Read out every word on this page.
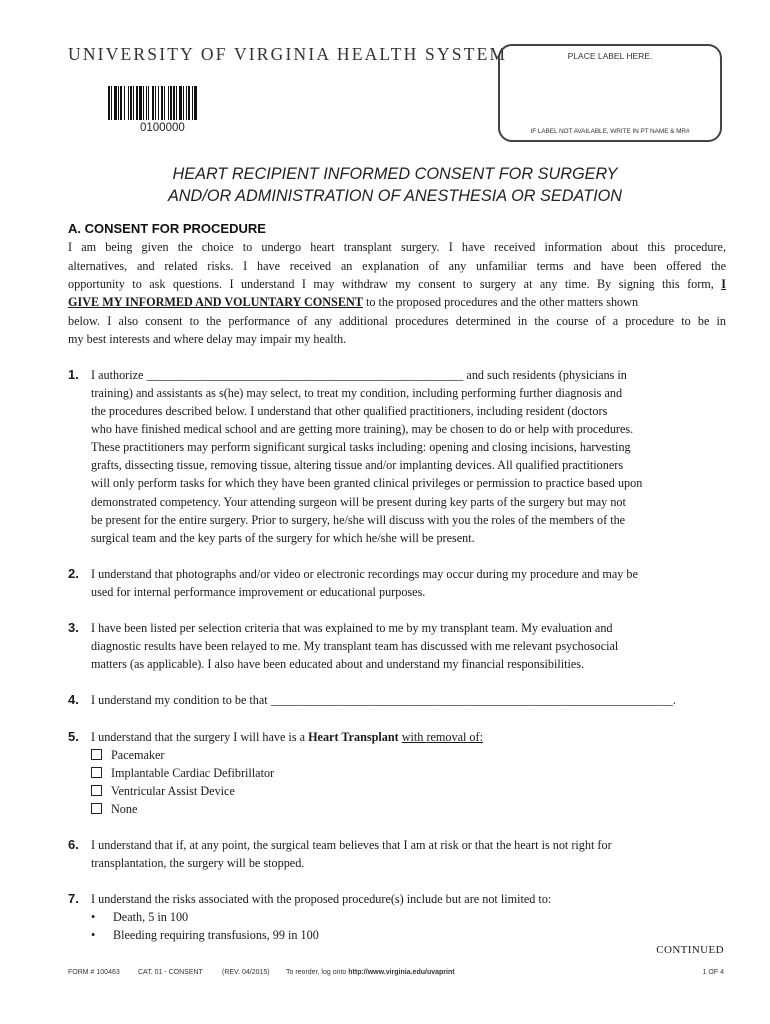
UNIVERSITY OF VIRGINIA HEALTH SYSTEM
0100000
PLACE LABEL HERE.
IF LABEL NOT AVAILABLE, WRITE IN PT NAME & MR#
HEART RECIPIENT INFORMED CONSENT FOR SURGERY
AND/OR ADMINISTRATION OF ANESTHESIA OR SEDATION
A. CONSENT FOR PROCEDURE
I am being given the choice to undergo heart transplant surgery. I have received information about this procedure,
alternatives, and related risks. I have received an explanation of any unfamiliar terms and have been offered the
opportunity to ask questions. I understand I may withdraw my consent to surgery at any time. By signing this form, I
GIVE MY INFORMED AND VOLUNTARY CONSENT to the proposed procedures and the other matters shown
below. I also consent to the performance of any additional procedures determined in the course of a procedure to be in
my best interests and where delay may impair my health.
1. I authorize ____________________________________________________ and such residents (physicians in
training) and assistants as s(he) may select, to treat my condition, including performing further diagnosis and
the procedures described below. I understand that other qualified practitioners, including resident (doctors
who have finished medical school and are getting more training), may be chosen to do or help with procedures.
These practitioners may perform significant surgical tasks including: opening and closing incisions, harvesting
grafts, dissecting tissue, removing tissue, altering tissue and/or implanting devices. All qualified practitioners
will only perform tasks for which they have been granted clinical privileges or permission to practice based upon
demonstrated competency. Your attending surgeon will be present during key parts of the surgery but may not
be present for the entire surgery. Prior to surgery, he/she will discuss with you the roles of the members of the
surgical team and the key parts of the surgery for which he/she will be present.
2. I understand that photographs and/or video or electronic recordings may occur during my procedure and may be
used for internal performance improvement or educational purposes.
3. I have been listed per selection criteria that was explained to me by my transplant team. My evaluation and
diagnostic results have been relayed to me. My transplant team has discussed with me relevant psychosocial
matters (as applicable). I also have been educated about and understand my financial responsibilities.
4. I understand my condition to be that __________________________________________________________________.
5. I understand that the surgery I will have is a Heart Transplant with removal of:
Pacemaker
Implantable Cardiac Defibrillator
Ventricular Assist Device
None
6. I understand that if, at any point, the surgical team believes that I am at risk or that the heart is not right for
transplantation, the surgery will be stopped.
7. I understand the risks associated with the proposed procedure(s) include but are not limited to:
• Death, 5 in 100
• Bleeding requiring transfusions, 99 in 100
CONTINUED
FORM # 100463	CAT. 01 - CONSENT	(REV. 04/2015) To reorder, log onto http://www.virginia.edu/uvaprint	1 OF 4
